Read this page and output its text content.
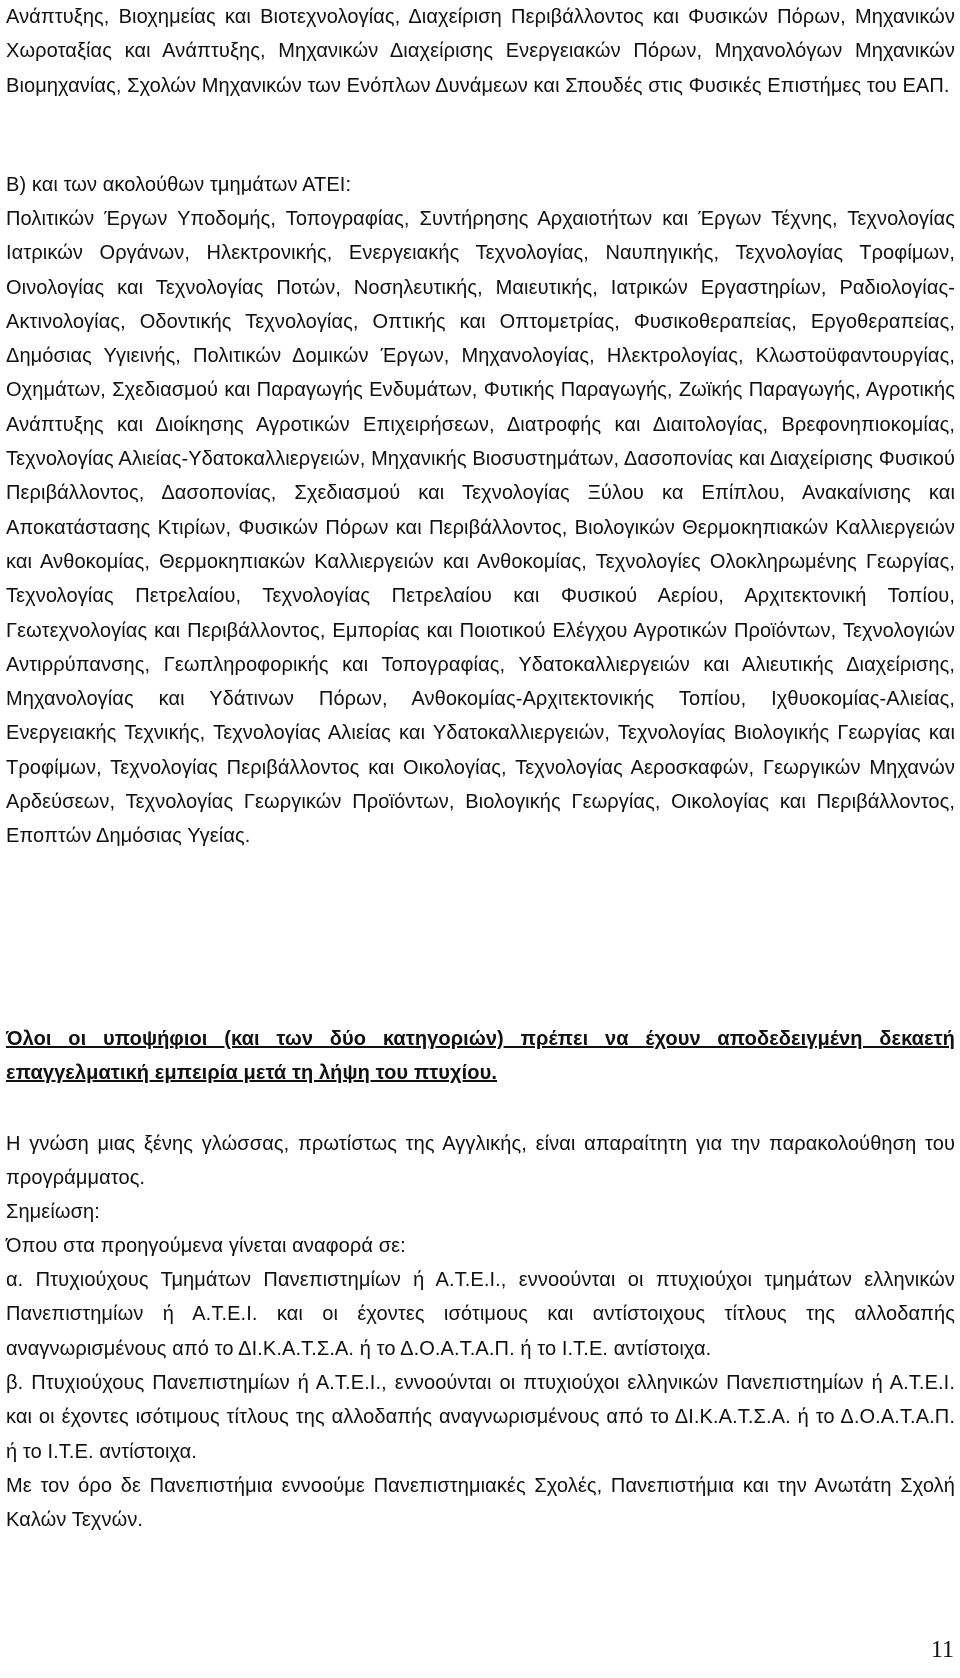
Ανάπτυξης, Βιοχημείας και Βιοτεχνολογίας, Διαχείριση Περιβάλλοντος και Φυσικών Πόρων, Μηχανικών Χωροταξίας και Ανάπτυξης, Μηχανικών Διαχείρισης Ενεργειακών Πόρων, Μηχανολόγων Μηχανικών Βιομηχανίας, Σχολών Μηχανικών των Ενόπλων Δυνάμεων και Σπουδές στις Φυσικές Επιστήμες του ΕΑΠ.

Β) και των ακολούθων τμημάτων ΑΤΕΙ:

Πολιτικών Έργων Υποδομής, Τοπογραφίας, Συντήρησης Αρχαιοτήτων και Έργων Τέχνης, Τεχνολογίας Ιατρικών Οργάνων, Ηλεκτρονικής, Ενεργειακής Τεχνολογίας, Ναυπηγικής, Τεχνολογίας Τροφίμων, Οινολογίας και Τεχνολογίας Ποτών, Νοσηλευτικής, Μαιευτικής, Ιατρικών Εργαστηρίων, Ραδιολογίας-Ακτινολογίας, Οδοντικής Τεχνολογίας, Οπτικής και Οπτομετρίας, Φυσικοθεραπείας, Εργοθεραπείας, Δημόσιας Υγιεινής, Πολιτικών Δομικών Έργων, Μηχανολογίας, Ηλεκτρολογίας, Κλωστοϋφαντουργίας, Οχημάτων, Σχεδιασμού και Παραγωγής Ενδυμάτων, Φυτικής Παραγωγής, Ζωϊκής Παραγωγής, Αγροτικής Ανάπτυξης και Διοίκησης Αγροτικών Επιχειρήσεων, Διατροφής και Διαιτολογίας, Βρεφονηπιοκομίας, Τεχνολογίας Αλιείας-Υδατοκαλλιεργειών, Μηχανικής Βιοσυστημάτων, Δασοπονίας και Διαχείρισης Φυσικού Περιβάλλοντος, Δασοπονίας, Σχεδιασμού και Τεχνολογίας Ξύλου κα Επίπλου, Ανακαίνισης και Αποκατάστασης Κτιρίων, Φυσικών Πόρων και Περιβάλλοντος, Βιολογικών Θερμοκηπιακών Καλλιεργειών και Ανθοκομίας, Θερμοκηπιακών Καλλιεργειών και Ανθοκομίας, Τεχνολογίες Ολοκληρωμένης Γεωργίας, Τεχνολογίας Πετρελαίου, Τεχνολογίας Πετρελαίου και Φυσικού Αερίου, Αρχιτεκτονική Τοπίου, Γεωτεχνολογίας και Περιβάλλοντος, Εμπορίας και Ποιοτικού Ελέγχου Αγροτικών Προϊόντων, Τεχνολογιών Αντιρρύπανσης, Γεωπληροφορικής και Τοπογραφίας, Υδατοκαλλιεργειών και Αλιευτικής Διαχείρισης, Μηχανολογίας και Υδάτινων Πόρων, Ανθοκομίας-Αρχιτεκτονικής Τοπίου, Ιχθυοκομίας-Αλιείας, Ενεργειακής Τεχνικής, Τεχνολογίας Αλιείας και Υδατοκαλλιεργειών, Τεχνολογίας Βιολογικής Γεωργίας και Τροφίμων, Τεχνολογίας Περιβάλλοντος και Οικολογίας, Τεχνολογίας Αεροσκαφών, Γεωργικών Μηχανών Αρδεύσεων, Τεχνολογίας Γεωργικών Προϊόντων, Βιολογικής Γεωργίας, Οικολογίας και Περιβάλλοντος, Εποπτών Δημόσιας Υγείας.

Όλοι οι υποψήφιοι (και των δύο κατηγοριών) πρέπει να έχουν αποδεδειγμένη δεκαετή επαγγελματική εμπειρία μετά τη λήψη του πτυχίου.

Η γνώση μιας ξένης γλώσσας, πρωτίστως της Αγγλικής, είναι απαραίτητη για την παρακολούθηση του προγράμματος.

Σημείωση:

Όπου στα προηγούμενα γίνεται αναφορά σε:

α. Πτυχιούχους Τμημάτων Πανεπιστημίων ή Α.Τ.Ε.Ι., εννοούνται οι πτυχιούχοι τμημάτων ελληνικών Πανεπιστημίων ή Α.Τ.Ε.Ι. και οι έχοντες ισότιμους και αντίστοιχους τίτλους της αλλοδαπής αναγνωρισμένους από το ΔΙ.Κ.Α.Τ.Σ.Α. ή το Δ.Ο.Α.Τ.Α.Π. ή το Ι.Τ.Ε. αντίστοιχα.

β. Πτυχιούχους Πανεπιστημίων ή Α.Τ.Ε.Ι., εννοούνται οι πτυχιούχοι ελληνικών Πανεπιστημίων ή Α.Τ.Ε.Ι. και οι έχοντες ισότιμους τίτλους της αλλοδαπής αναγνωρισμένους από το ΔΙ.Κ.Α.Τ.Σ.Α. ή το Δ.Ο.Α.Τ.Α.Π. ή το Ι.Τ.Ε. αντίστοιχα.

Με τον όρο δε Πανεπιστήμια εννοούμε Πανεπιστημιακές Σχολές, Πανεπιστήμια και την Ανωτάτη Σχολή Καλών Τεχνών.

11
